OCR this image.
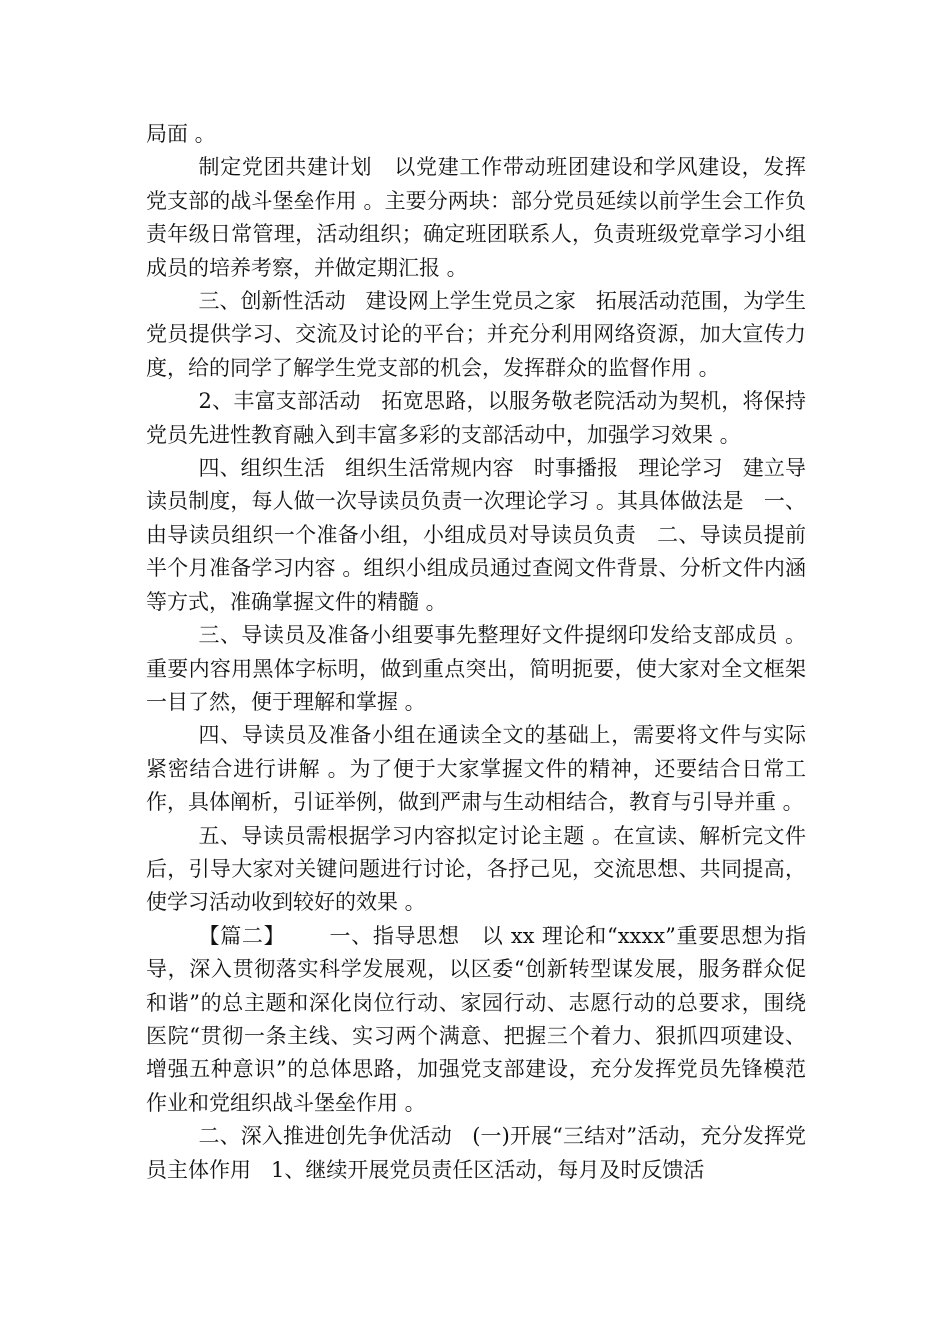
局面 。

制定党团共建计划   以党建工作带动班团建设和学风建设，发挥党支部的战斗堡垒作用 。主要分两块：部分党员延续以前学生会工作负责年级日常管理，活动组织；确定班团联系人，负责班级党章学习小组成员的培养考察，并做定期汇报 。

三、创新性活动   建设网上学生党员之家   拓展活动范围，为学生党员提供学习、交流及讨论的平台；并充分利用网络资源，加大宣传力度，给的同学了解学生党支部的机会，发挥群众的监督作用 。

2、丰富支部活动   拓宽思路，以服务敬老院活动为契机，将保持党员先进性教育融入到丰富多彩的支部活动中，加强学习效果 。

四、组织生活   组织生活常规内容   时事播报   理论学习   建立导读员制度，每人做一次导读员负责一次理论学习 。其具体做法是   一、由导读员组织一个准备小组，小组成员对导读员负责   二、导读员提前半个月准备学习内容 。组织小组成员通过查阅文件背景、分析文件内涵等方式，准确掌握文件的精髓 。

三、导读员及准备小组要事先整理好文件提纲印发给支部成员 。重要内容用黑体字标明，做到重点突出，简明扼要，使大家对全文框架一目了然，便于理解和掌握 。

四、导读员及准备小组在通读全文的基础上，需要将文件与实际紧密结合进行讲解 。为了便于大家掌握文件的精神，还要结合日常工作，具体阐析，引证举例，做到严肃与生动相结合，教育与引导并重 。

五、导读员需根据学习内容拟定讨论主题 。在宣读、解析完文件后，引导大家对关键问题进行讨论，各抒己见，交流思想、共同提高，使学习活动收到较好的效果 。

【篇二】      一、指导思想   以 xx 理论和“xxxx”重要思想为指导，深入贯彻落实科学发展观，以区委“创新转型谋发展，服务群众促和谐”的总主题和深化岗位行动、家园行动、志愿行动的总要求，围绕医院“贯彻一条主线、实习两个满意、把握三个着力、狠抓四项建设、增强五种意识”的总体思路，加强党支部建设，充分发挥党员先锋模范作业和党组织战斗堡垒作用 。

二、深入推进创先争优活动   (一)开展“三结对”活动，充分发挥党员主体作用   1、继续开展党员责任区活动，每月及时反馈活
